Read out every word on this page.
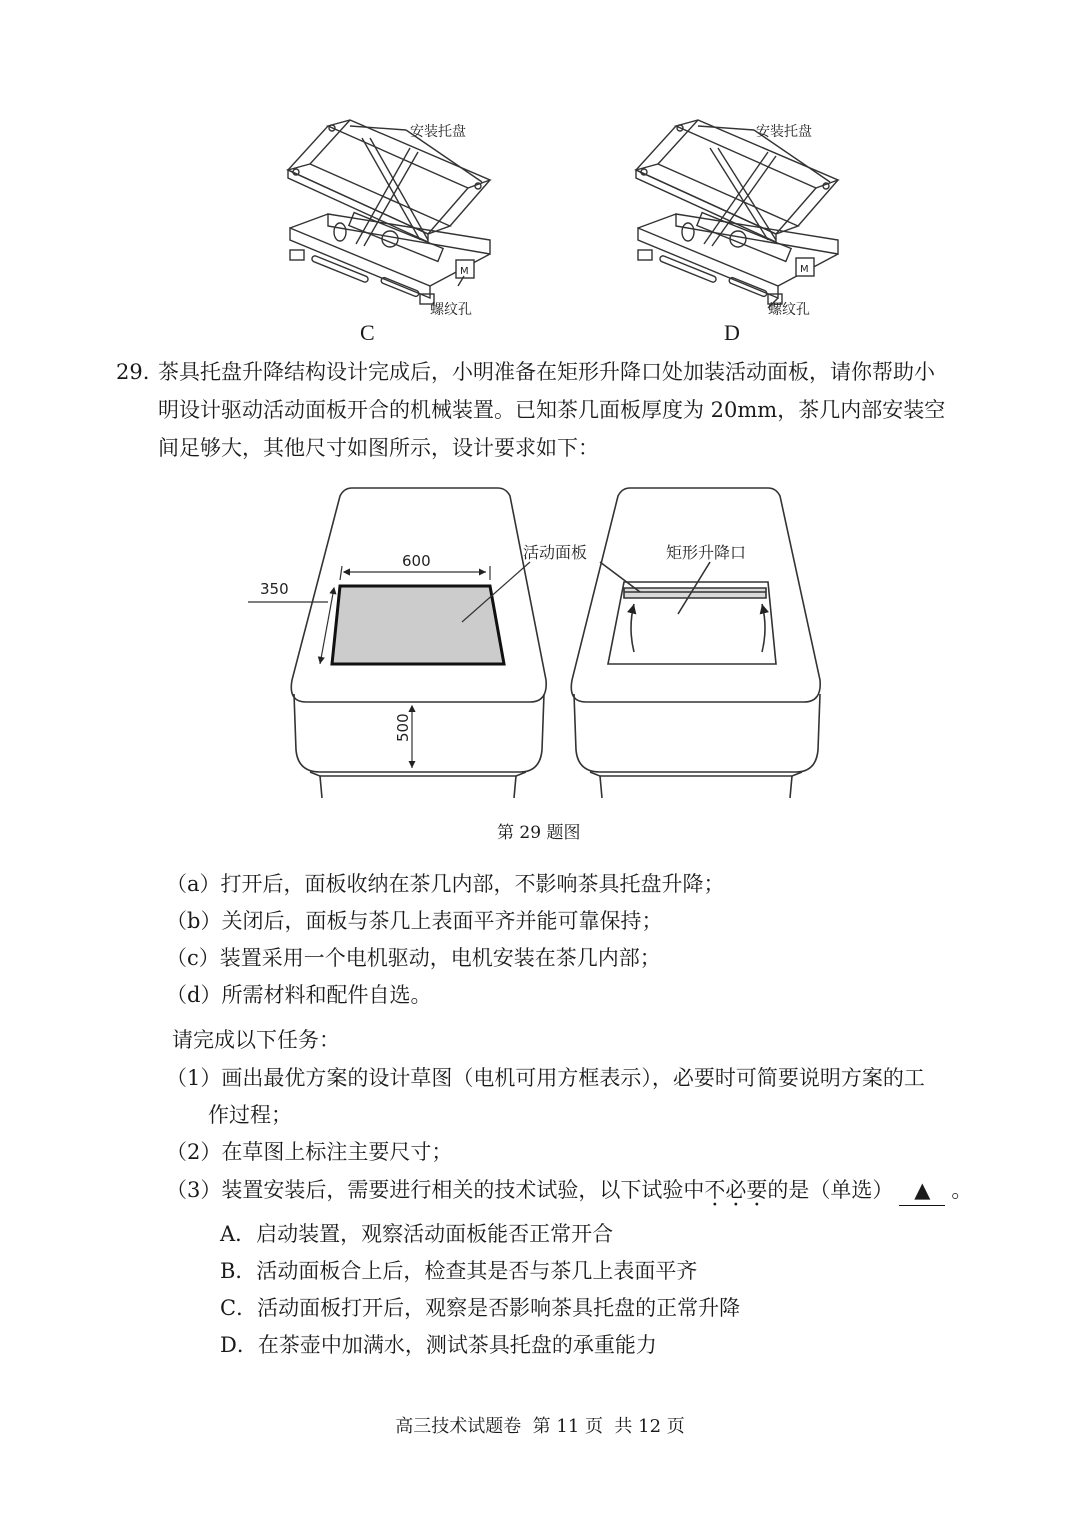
安装托盘
M
螺纹孔
C
安装托盘
M
螺纹孔
D
29. 茶具托盘升降结构设计完成后，小明准备在矩形升降口处加装活动面板，请你帮助小
明设计驱动活动面板开合的机械装置。已知茶几面板厚度为 20mm，茶几内部安装空
间足够大，其他尺寸如图所示，设计要求如下：
600
350
500
活动面板	矩形升降口
第 29 题图
（a）打开后，面板收纳在茶几内部，不影响茶具托盘升降；
（b）关闭后，面板与茶几上表面平齐并能可靠保持；
（c）装置采用一个电机驱动，电机安装在茶几内部；
（d）所需材料和配件自选。
请完成以下任务：
（1）画出最优方案的设计草图（电机可用方框表示），必要时可简要说明方案的工
作过程；
（2）在草图上标注主要尺寸；
（3）装置安装后，需要进行相关的技术试验，以下试验中不必要的是（单选） ▲ 。
A．启动装置，观察活动面板能否正常开合
B．活动面板合上后，检查其是否与茶几上表面平齐
C．活动面板打开后，观察是否影响茶具托盘的正常升降
D．在茶壶中加满水，测试茶具托盘的承重能力
高三技术试题卷  第 11 页  共 12 页
